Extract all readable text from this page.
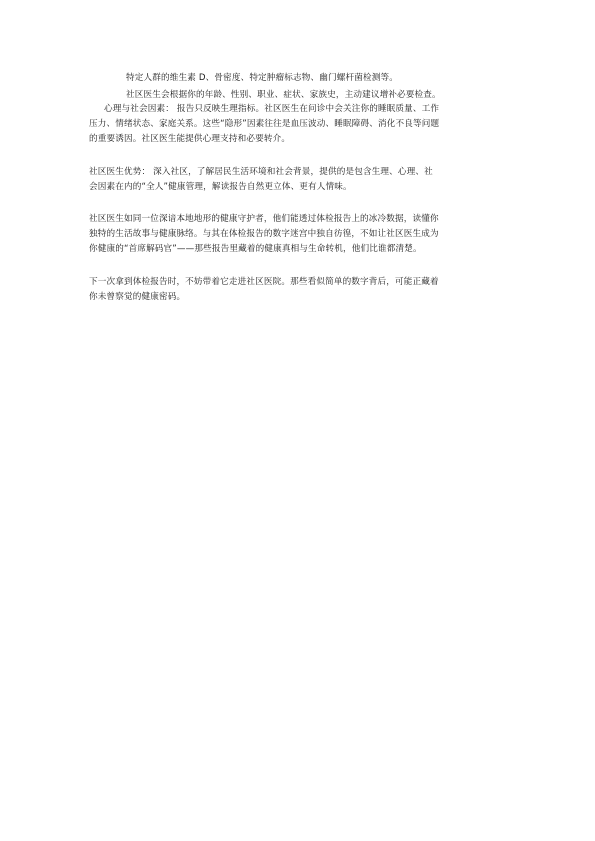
特定人群的维生素 D、骨密度、特定肿瘤标志物、幽门螺杆菌检测等。
社区医生会根据你的年龄、性别、职业、症状、家族史，主动建议增补必要检查。
心理与社会因素： 报告只反映生理指标。社区医生在问诊中会关注你的睡眠质量、工作
压力、情绪状态、家庭关系。这些“隐形”因素往往是血压波动、睡眠障碍、消化不良等问题
的重要诱因。社区医生能提供心理支持和必要转介。
社区医生优势： 深入社区，了解居民生活环境和社会背景，提供的是包含生理、心理、社
会因素在内的“全人”健康管理，解读报告自然更立体、更有人情味。
社区医生如同一位深谙本地地形的健康守护者，他们能透过体检报告上的冰冷数据，读懂你
独特的生活故事与健康脉络。与其在体检报告的数字迷宫中独自彷徨，不如让社区医生成为
你健康的“首席解码官”——那些报告里藏着的健康真相与生命转机，他们比谁都清楚。
下一次拿到体检报告时，不妨带着它走进社区医院。那些看似简单的数字背后，可能正藏着
你未曾察觉的健康密码。
